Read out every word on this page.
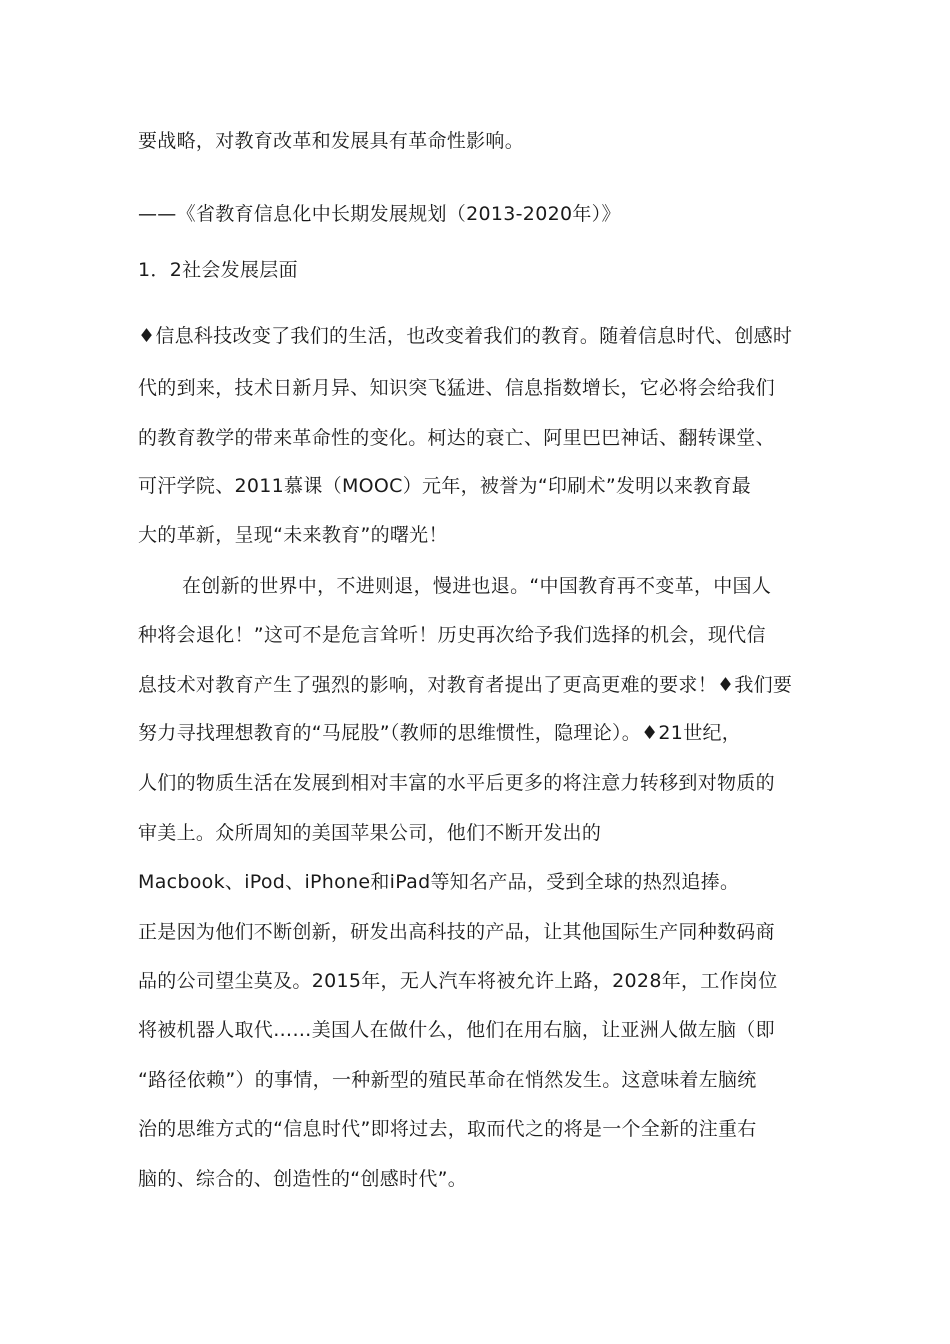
要战略，对教育改革和发展具有革命性影响。
——《省教育信息化中长期发展规划（2013-2020年）》
1．2社会发展层面
♦信息科技改变了我们的生活，也改变着我们的教育。随着信息时代、创感时
代的到来，技术日新月异、知识突飞猛进、信息指数增长，它必将会给我们
的教育教学的带来革命性的变化。柯达的衰亡、阿里巴巴神话、翻转课堂、
可汗学院、2011慕课（MOOC）元年，被誉为“印刷术”发明以来教育最
大的革新，呈现“未来教育”的曙光！
在创新的世界中，不进则退，慢进也退。“中国教育再不变革，中国人
种将会退化！”这可不是危言耸听！历史再次给予我们选择的机会，现代信
息技术对教育产生了强烈的影响，对教育者提出了更高更难的要求！♦我们要
努力寻找理想教育的“马屁股”（教师的思维惯性，隐理论）。♦21世纪，
人们的物质生活在发展到相对丰富的水平后更多的将注意力转移到对物质的
审美上。众所周知的美国苹果公司，他们不断开发出的
Macbook、iPod、iPhone和iPad等知名产品，受到全球的热烈追捧。
正是因为他们不断创新，研发出高科技的产品，让其他国际生产同种数码商
品的公司望尘莫及。2015年，无人汽车将被允许上路，2028年，工作岗位
将被机器人取代……美国人在做什么，他们在用右脑，让亚洲人做左脑（即
“路径依赖”）的事情，一种新型的殖民革命在悄然发生。这意味着左脑统
治的思维方式的“信息时代”即将过去，取而代之的将是一个全新的注重右
脑的、综合的、创造性的“创感时代”。
